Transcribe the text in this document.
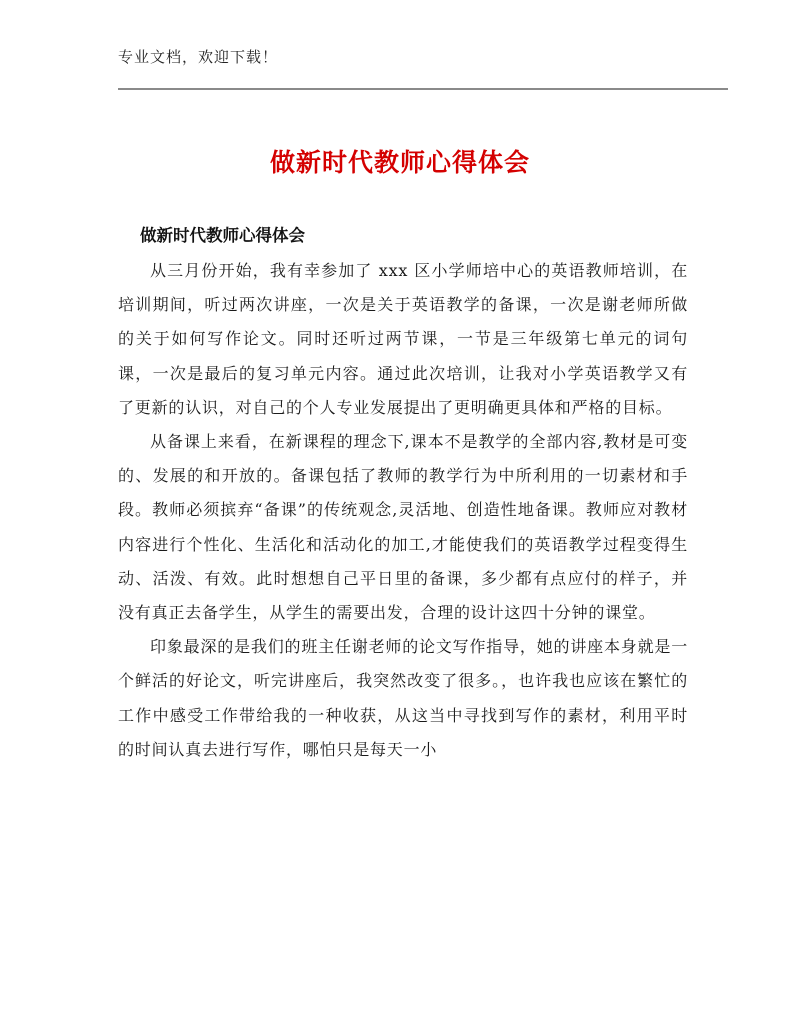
专业文档，欢迎下载！
做新时代教师心得体会
做新时代教师心得体会

从三月份开始，我有幸参加了 xxx 区小学师培中心的英语教师培训，在培训期间，听过两次讲座，一次是关于英语教学的备课，一次是谢老师所做的关于如何写作论文。同时还听过两节课，一节是三年级第七单元的词句课，一次是最后的复习单元内容。通过此次培训，让我对小学英语教学又有了更新的认识，对自己的个人专业发展提出了更明确更具体和严格的目标。

从备课上来看，在新课程的理念下,课本不是教学的全部内容,教材是可变的、发展的和开放的。备课包括了教师的教学行为中所利用的一切素材和手段。教师必须摈弃“备课”的传统观念,灵活地、创造性地备课。教师应对教材内容进行个性化、生活化和活动化的加工,才能使我们的英语教学过程变得生动、活泼、有效。此时想想自己平日里的备课，多少都有点应付的样子，并没有真正去备学生，从学生的需要出发，合理的设计这四十分钟的课堂。

印象最深的是我们的班主任谢老师的论文写作指导，她的讲座本身就是一个鲜活的好论文，听完讲座后，我突然改变了很多。，也许我也应该在繁忙的工作中感受工作带给我的一种收获，从这当中寻找到写作的素材，利用平时的时间认真去进行写作，哪怕只是每天一小
